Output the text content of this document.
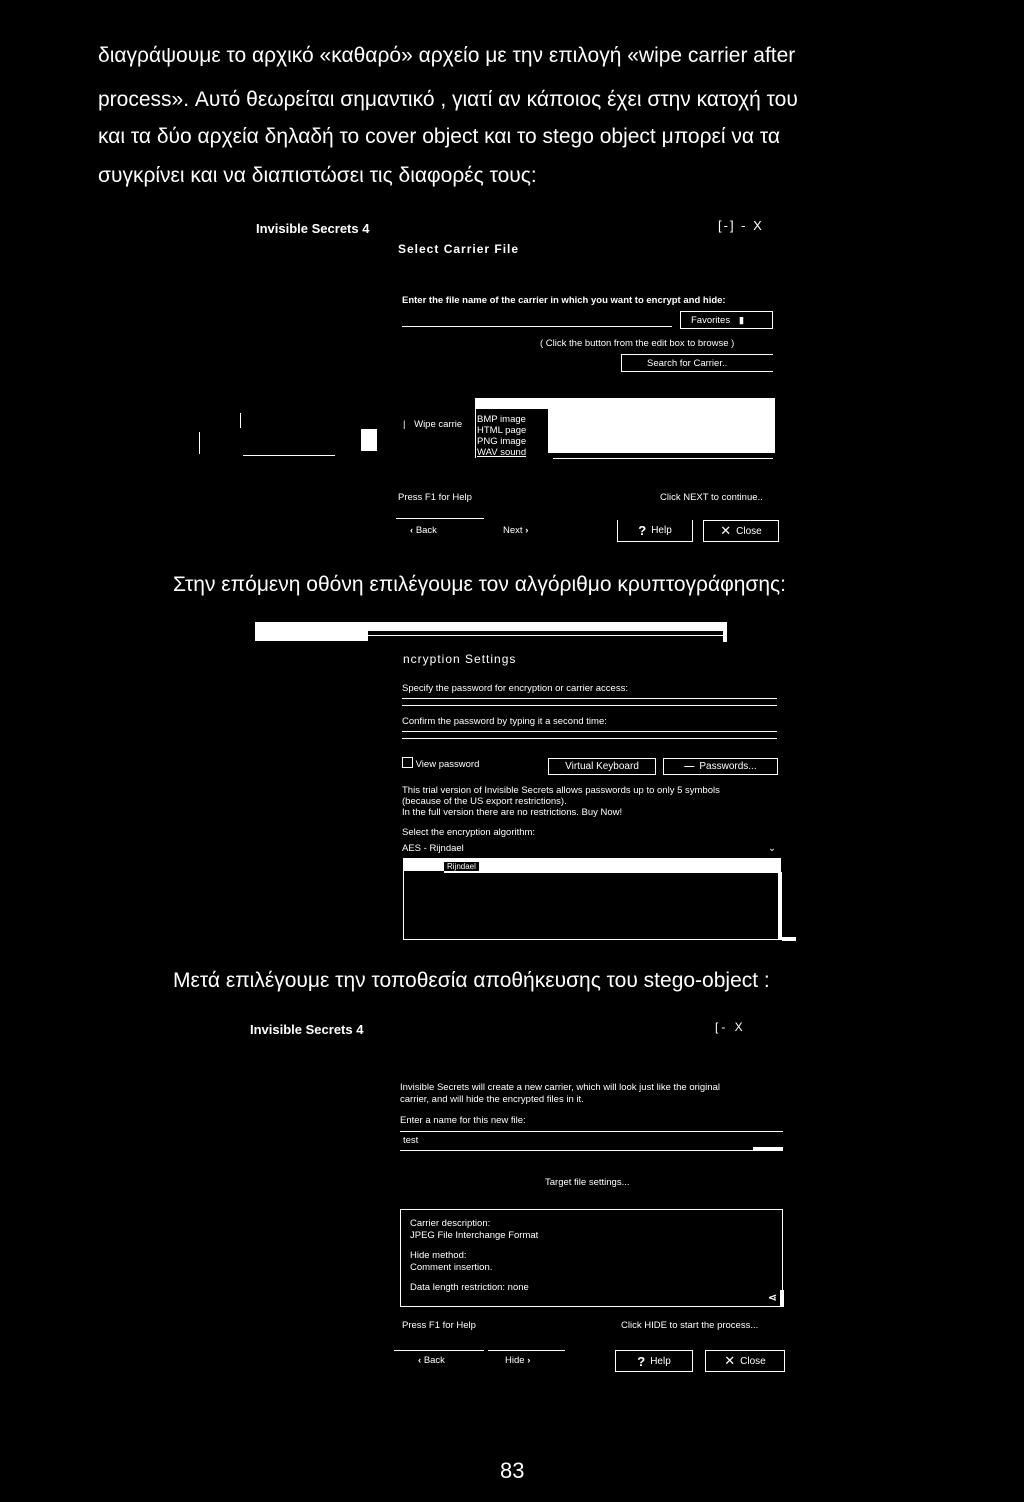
διαγράψουμε το αρχικό «καθαρό» αρχείο με την επιλογή «wipe carrier after
process». Αυτό θεωρείται σημαντικό , γιατί αν κάποιος έχει στην κατοχή του
και τα δύο αρχεία δηλαδή το cover object και το stego object μπορεί να τα
συγκρίνει και να διαπιστώσει τις διαφορές τους:
Invisible Secrets 4	[-] - X
Select Carrier File
Enter the file name of the carrier in which you want to encrypt and hide:
Favorites ▮
( Click the button from the edit box to browse )
Search for Carrier..
| Wipe carrie BMP image
HTML page
PNG image
WAV sound
Press F1 for Help	Click NEXT to continue..
‹ Back	Next ›	? Help	✕ Close
Στην επόμενη οθόνη επιλέγουμε τον αλγόριθμο κρυπτογράφησης:
ncryption Settings
Specify the password for encryption or carrier access:
Confirm the password by typing it a second time:
View password	Virtual Keyboard	— Passwords...
This trial version of Invisible Secrets allows passwords up to only 5 symbols
(because of the US export restrictions).
In the full version there are no restrictions. Buy Now!
Select the encryption algorithm:
AES - Rijndael	⌄
Rijndael
Μετά επιλέγουμε την τοποθεσία αποθήκευσης του stego-object :
Invisible Secrets 4	[- X
Invisible Secrets will create a new carrier, which will look just like the original
carrier, and will hide the encrypted files in it.
Enter a name for this new file:
test
Target file settings...
Carrier description:
JPEG File Interchange Format
Hide method:
Comment insertion.
Data length restriction: none
⋖
Press F1 for Help	Click HIDE to start the process...
‹ Back	Hide ›	? Help	✕ Close
83
